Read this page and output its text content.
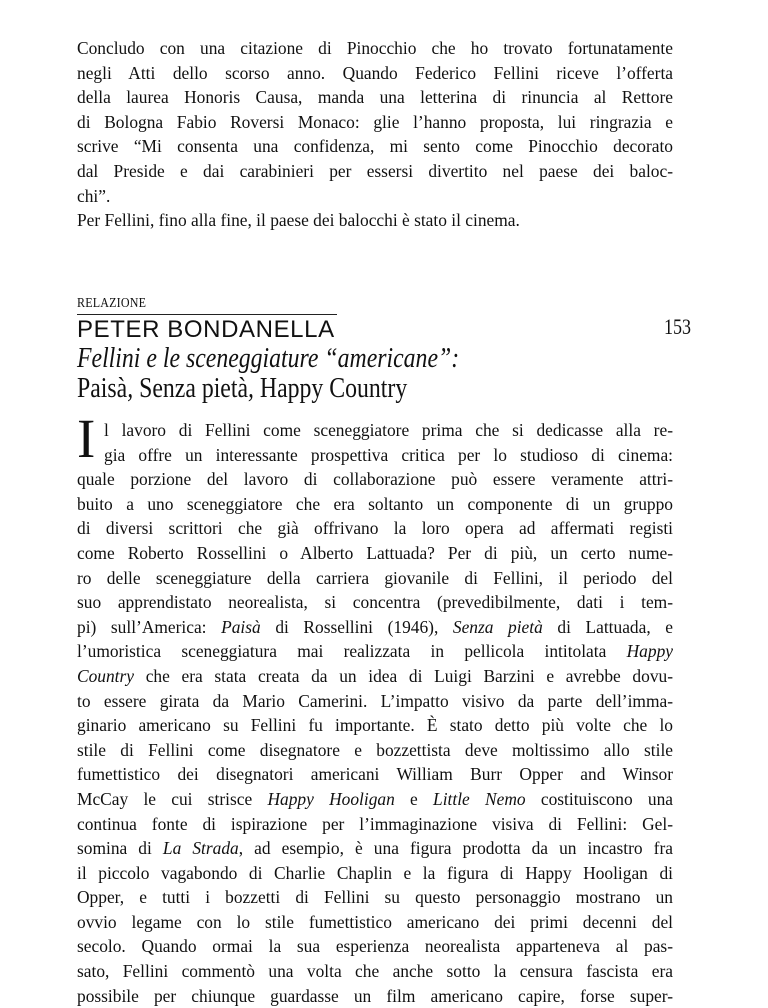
Concludo con una citazione di Pinocchio che ho trovato fortunatamente
negli Atti dello scorso anno. Quando Federico Fellini riceve l’offerta
della laurea Honoris Causa, manda una letterina di rinuncia al Rettore
di Bologna Fabio Roversi Monaco: glie l’hanno proposta, lui ringrazia e
scrive “Mi consenta una confidenza, mi sento come Pinocchio decorato
dal Preside e dai carabinieri per essersi divertito nel paese dei baloc-
chi”.
Per Fellini, fino alla fine, il paese dei balocchi è stato il cinema.
RELAZIONE
153
PETER BONDANELLA
Fellini e le sceneggiature “americane”:
Paisà, Senza pietà, Happy Country
I l lavoro di Fellini come sceneggiatore prima che si dedicasse alla re-
gia offre un interessante prospettiva critica per lo studioso di cinema:
quale porzione del lavoro di collaborazione può essere veramente attri-
buito a uno sceneggiatore che era soltanto un componente di un gruppo
di diversi scrittori che già offrivano la loro opera ad affermati registi
come Roberto Rossellini o Alberto Lattuada? Per di più, un certo nume-
ro delle sceneggiature della carriera giovanile di Fellini, il periodo del
suo apprendistato neorealista, si concentra (prevedibilmente, dati i tem-
pi) sull’America: Paisà di Rossellini (1946), Senza pietà di Lattuada, e
l’umoristica sceneggiatura mai realizzata in pellicola intitolata Happy
Country che era stata creata da un idea di Luigi Barzini e avrebbe dovu-
to essere girata da Mario Camerini. L’impatto visivo da parte dell’imma-
ginario americano su Fellini fu importante. È stato detto più volte che lo
stile di Fellini come disegnatore e bozzettista deve moltissimo allo stile
fumettistico dei disegnatori americani William Burr Opper and Winsor
McCay le cui strisce Happy Hooligan e Little Nemo costituiscono una
continua fonte di ispirazione per l’immaginazione visiva di Fellini: Gel-
somina di La Strada, ad esempio, è una figura prodotta da un incastro fra
il piccolo vagabondo di Charlie Chaplin e la figura di Happy Hooligan di
Opper, e tutti i bozzetti di Fellini su questo personaggio mostrano un
ovvio legame con lo stile fumettistico americano dei primi decenni del
secolo. Quando ormai la sua esperienza neorealista apparteneva al pas-
sato, Fellini commentò una volta che anche sotto la censura fascista era
possibile per chiunque guardasse un film americano capire, forse super-
